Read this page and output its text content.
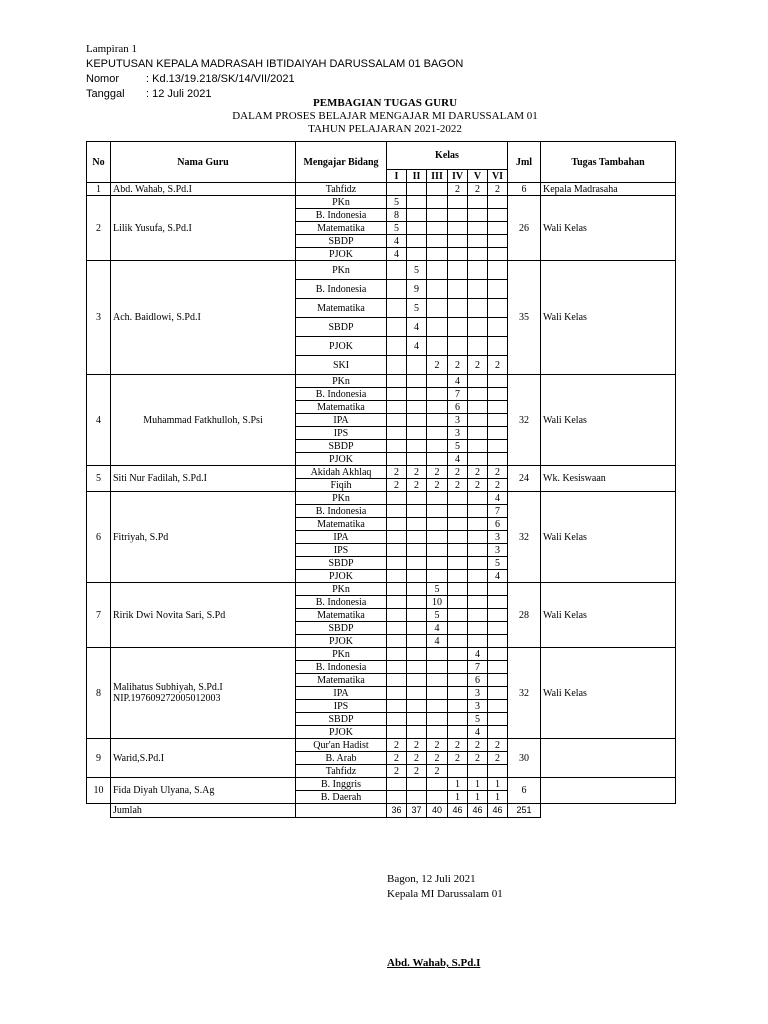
Lampiran 1
KEPUTUSAN KEPALA MADRASAH IBTIDAIYAH DARUSSALAM 01 BAGON
Nomor : Kd.13/19.218/SK/14/VII/2021
Tanggal : 12 Juli 2021
PEMBAGIAN TUGAS GURU
DALAM PROSES BELAJAR MENGAJAR MI DARUSSALAM 01
TAHUN PELAJARAN 2021-2022
No	Nama Guru	Mengajar Bidang	Kelas						Jml	Tugas Tambahan
			I	II	III	IV	V	VI		
1	Abd. Wahab, S.Pd.I	Tahfidz				2	2	2	6	Kepala Madrasaha
2	Lilik Yusufa, S.Pd.I	PKn	5						26	Wali Kelas
		B. Indonesia	8							
		Matematika	5							
		SBDP	4							
		PJOK	4							
3	Ach. Baidlowi, S.Pd.I	PKn		5					35	Wali Kelas
		B. Indonesia		9						
		Matematika		5						
		SBDP		4						
		PJOK		4						
		SKI			2	2	2	2		
4	Muhammad Fatkhulloh, S.Psi	PKn				4			32	Wali Kelas
		B. Indonesia				7				
		Matematika				6				
		IPA				3				
		IPS				3				
		SBDP				5				
		PJOK				4				
5	Siti Nur Fadilah, S.Pd.I	Akidah Akhlaq	2	2	2	2	2	2	24	Wk. Kesiswaan
		Fiqih	2	2	2	2	2	2		
6	Fitriyah, S.Pd	PKn						4	32	Wali Kelas
		B. Indonesia						7		
		Matematika						6		
		IPA						3		
		IPS						3		
		SBDP						5		
		PJOK						4		
7	Ririk Dwi Novita Sari, S.Pd	PKn			5				28	Wali Kelas
		B. Indonesia			10					
		Matematika			5					
		SBDP			4					
		PJOK			4					
8	Malihatus Subhiyah, S.Pd.I
NIP.197609272005012003	PKn					4		32	Wali Kelas
		B. Indonesia					7			
		Matematika					6			
		IPA					3			
		IPS					3			
		SBDP					5			
		PJOK					4			
9	Warid,S.Pd.I	Qur'an Hadist	2	2	2	2	2	2	30	
		B. Arab	2	2	2	2	2	2		
		Tahfidz	2	2	2					
10	Fida Diyah Ulyana, S.Ag	B. Inggris				1	1	1	6	
		B. Daerah				1	1	1		
	Jumlah		36	37	40	46	46	46	251	
Bagon, 12 Juli 2021
Kepala MI Darussalam 01
Abd. Wahab, S.Pd.I
